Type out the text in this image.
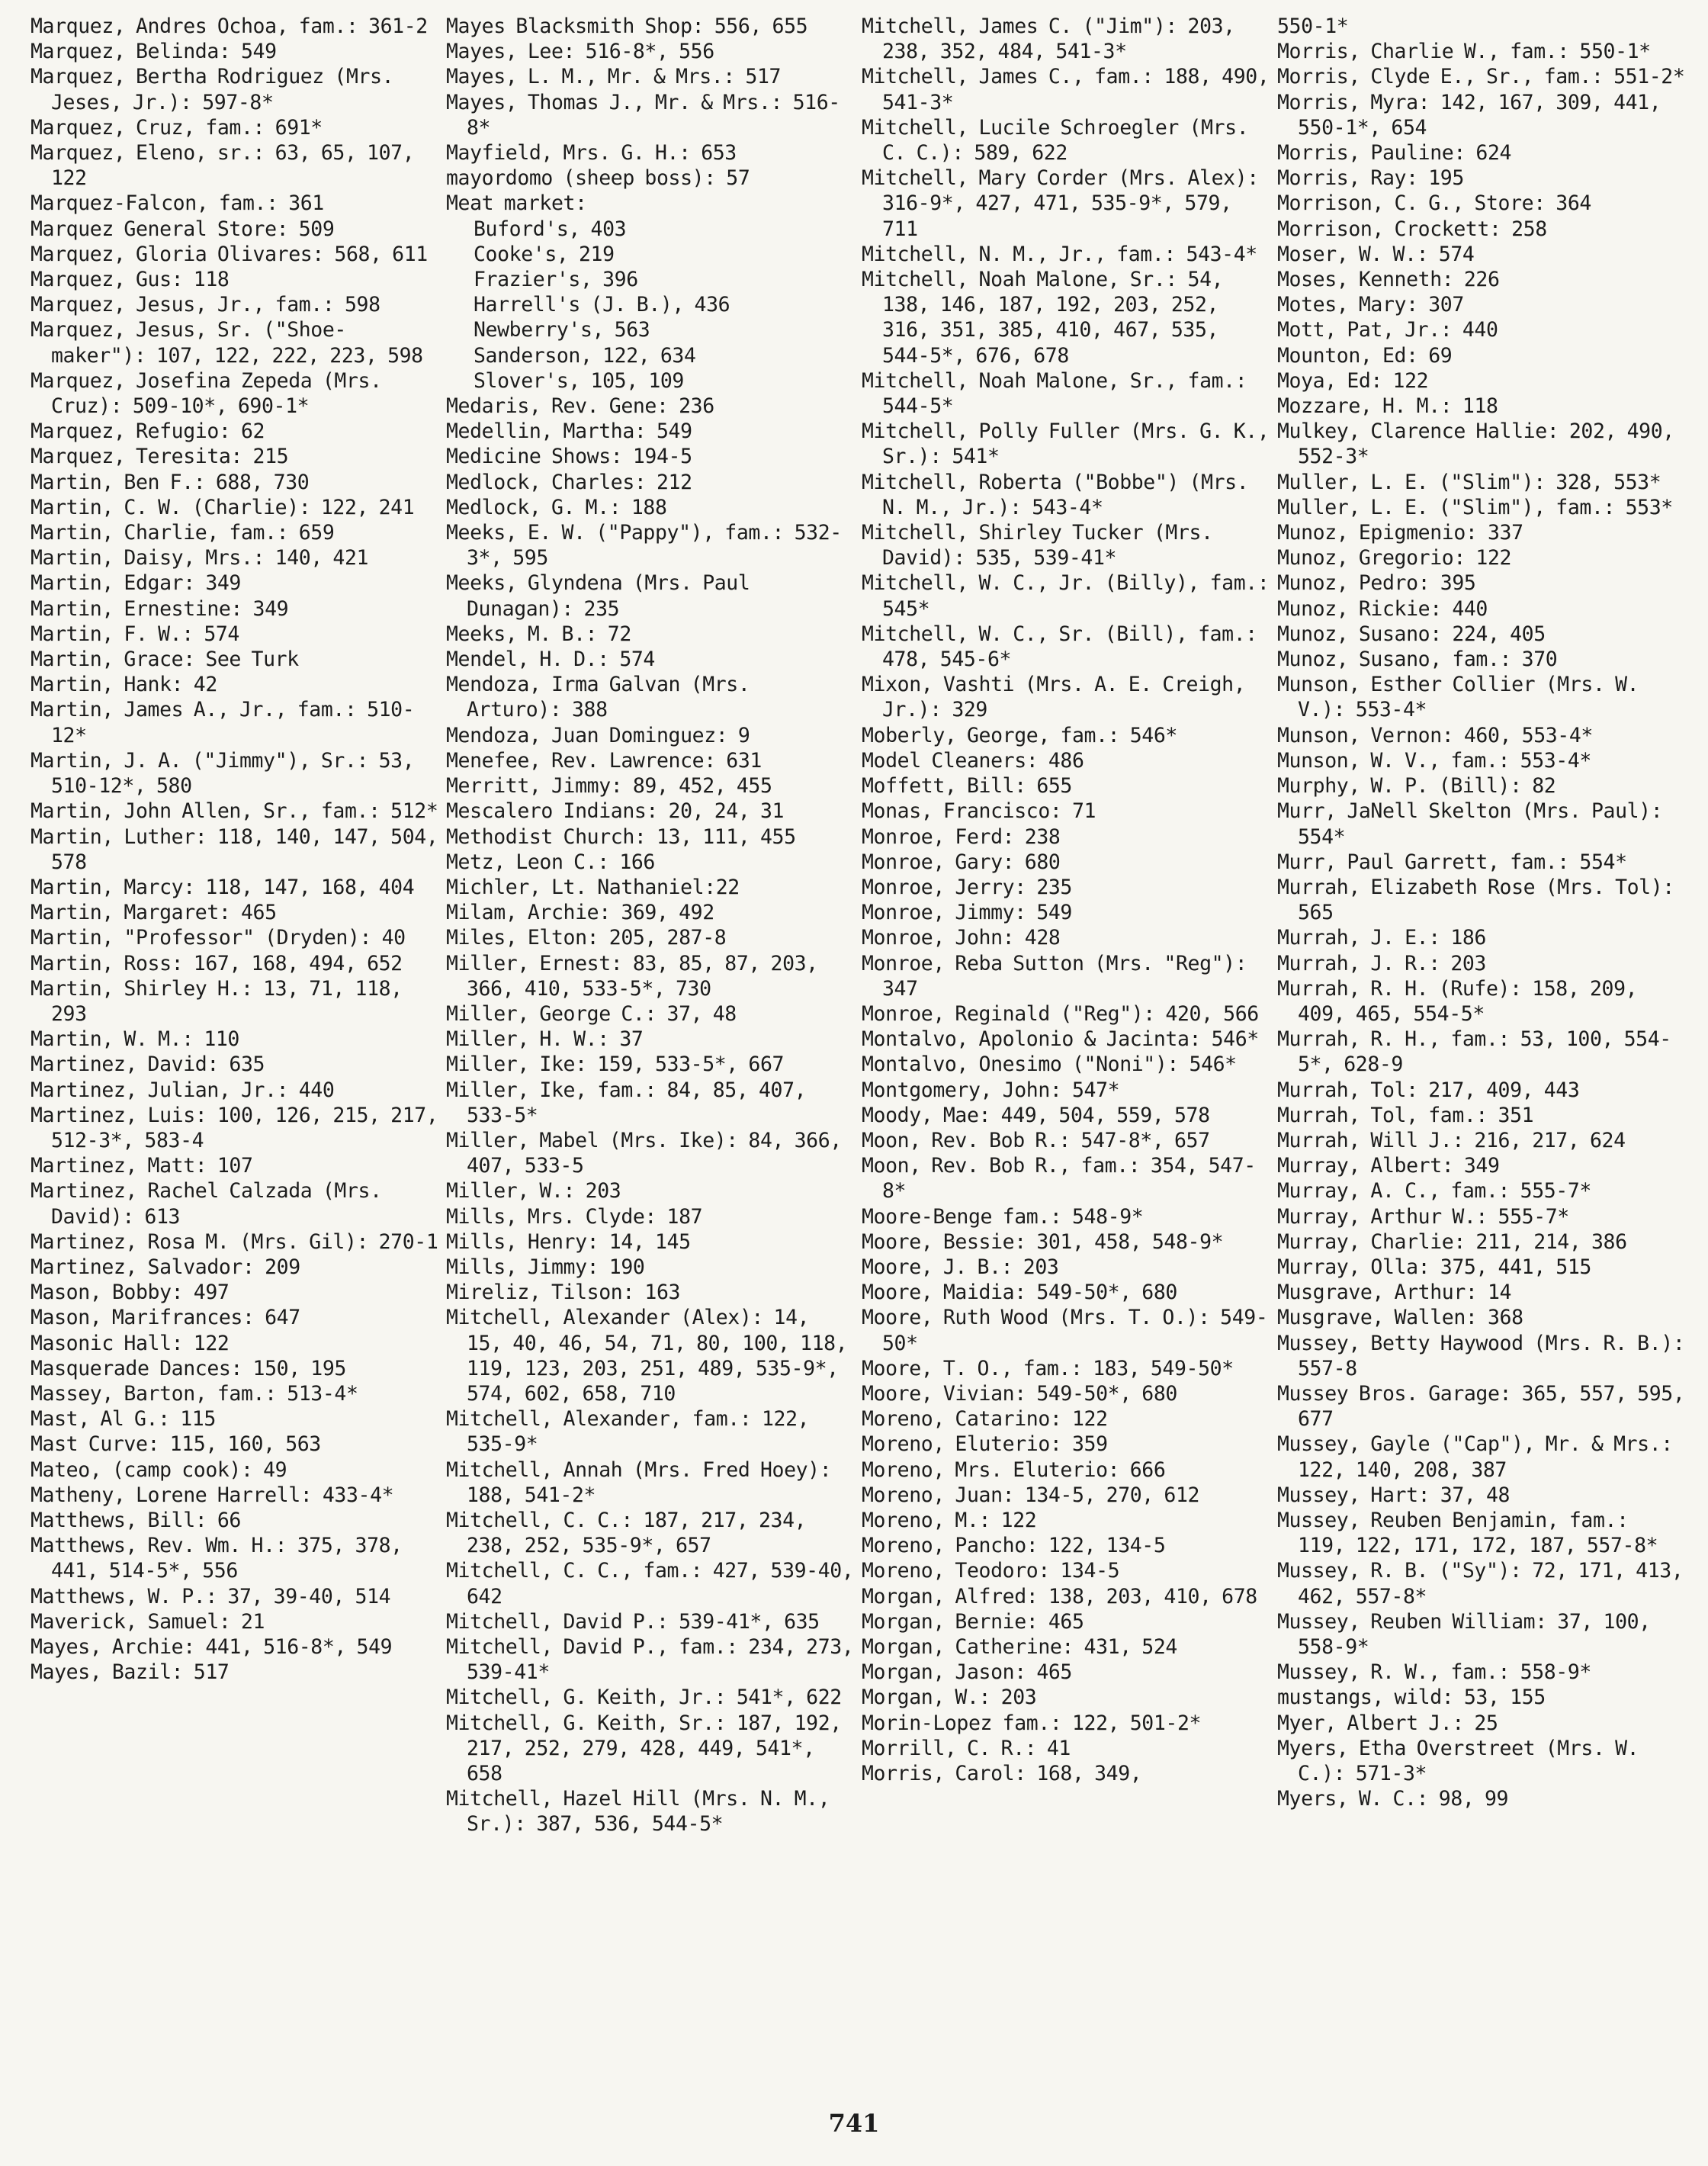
Marquez, Andres Ochoa, fam.: 361-2
Marquez, Belinda: 549
Marquez, Bertha Rodriguez (Mrs. Jeses, Jr.): 597-8*
Marquez, Cruz, fam.: 691*
Marquez, Eleno, sr.: 63, 65, 107, 122
Marquez-Falcon, fam.: 361
Marquez General Store: 509
Marquez, Gloria Olivares: 568, 611
Marquez, Gus: 118
Marquez, Jesus, Jr., fam.: 598
Marquez, Jesus, Sr. ("Shoe-maker"): 107, 122, 222, 223, 598
Marquez, Josefina Zepeda (Mrs. Cruz): 509-10*, 690-1*
Marquez, Refugio: 62
Marquez, Teresita: 215
Martin, Ben F.: 688, 730
Martin, C. W. (Charlie): 122, 241
Martin, Charlie, fam.: 659
Martin, Daisy, Mrs.: 140, 421
Martin, Edgar: 349
Martin, Ernestine: 349
Martin, F. W.: 574
Martin, Grace: See Turk
Martin, Hank: 42
Martin, James A., Jr., fam.: 510-12*
Martin, J. A. ("Jimmy"), Sr.: 53, 510-12*, 580
Martin, John Allen, Sr., fam.: 512*
Martin, Luther: 118, 140, 147, 504, 578
Martin, Marcy: 118, 147, 168, 404
Martin, Margaret: 465
Martin, "Professor" (Dryden): 40
Martin, Ross: 167, 168, 494, 652
Martin, Shirley H.: 13, 71, 118, 293
Martin, W. M.: 110
Martinez, David: 635
Martinez, Julian, Jr.: 440
Martinez, Luis: 100, 126, 215, 217, 512-3*, 583-4
Martinez, Matt: 107
Martinez, Rachel Calzada (Mrs. David): 613
Martinez, Rosa M. (Mrs. Gil): 270-1
Martinez, Salvador: 209
Mason, Bobby: 497
Mason, Marifrances: 647
Masonic Hall: 122
Masquerade Dances: 150, 195
Massey, Barton, fam.: 513-4*
Mast, Al G.: 115
Mast Curve: 115, 160, 563
Mateo, (camp cook): 49
Matheny, Lorene Harrell: 433-4*
Matthews, Bill: 66
Matthews, Rev. Wm. H.: 375, 378, 441, 514-5*, 556
Matthews, W. P.: 37, 39-40, 514
Maverick, Samuel: 21
Mayes, Archie: 441, 516-8*, 549
Mayes, Bazil: 517
Mayes Blacksmith Shop: 556, 655
Mayes, Lee: 516-8*, 556
Mayes, L. M., Mr. & Mrs.: 517
Mayes, Thomas J., Mr. & Mrs.: 516-8*
Mayfield, Mrs. G. H.: 653
mayordomo (sheep boss): 57
Meat market:
Buford's, 403
Cooke's, 219
Frazier's, 396
Harrell's (J. B.), 436
Newberry's, 563
Sanderson, 122, 634
Slover's, 105, 109
Medaris, Rev. Gene: 236
Medellin, Martha: 549
Medicine Shows: 194-5
Medlock, Charles: 212
Medlock, G. M.: 188
Meeks, E. W. ("Pappy"), fam.: 532-3*, 595
Meeks, Glyndena (Mrs. Paul Dunagan): 235
Meeks, M. B.: 72
Mendel, H. D.: 574
Mendoza, Irma Galvan (Mrs. Arturo): 388
Mendoza, Juan Dominguez: 9
Menefee, Rev. Lawrence: 631
Merritt, Jimmy: 89, 452, 455
Mescalero Indians: 20, 24, 31
Methodist Church: 13, 111, 455
Metz, Leon C.: 166
Michler, Lt. Nathaniel:22
Milam, Archie: 369, 492
Miles, Elton: 205, 287-8
Miller, Ernest: 83, 85, 87, 203, 366, 410, 533-5*, 730
Miller, George C.: 37, 48
Miller, H. W.: 37
Miller, Ike: 159, 533-5*, 667
Miller, Ike, fam.: 84, 85, 407, 533-5*
Miller, Mabel (Mrs. Ike): 84, 366, 407, 533-5
Miller, W.: 203
Mills, Mrs. Clyde: 187
Mills, Henry: 14, 145
Mills, Jimmy: 190
Mireliz, Tilson: 163
Mitchell, Alexander (Alex): 14, 15, 40, 46, 54, 71, 80, 100, 118, 119, 123, 203, 251, 489, 535-9*, 574, 602, 658, 710
Mitchell, Alexander, fam.: 122, 535-9*
Mitchell, Annah (Mrs. Fred Hoey): 188, 541-2*
Mitchell, C. C.: 187, 217, 234, 238, 252, 535-9*, 657
Mitchell, C. C., fam.: 427, 539-40, 642
Mitchell, David P.: 539-41*, 635
Mitchell, David P., fam.: 234, 273, 539-41*
Mitchell, G. Keith, Jr.: 541*, 622
Mitchell, G. Keith, Sr.: 187, 192, 217, 252, 279, 428, 449, 541*, 658
Mitchell, Hazel Hill (Mrs. N. M., Sr.): 387, 536, 544-5*
Mitchell, James C. ("Jim"): 203, 238, 352, 484, 541-3*
Mitchell, James C., fam.: 188, 490, 541-3*
Mitchell, Lucile Schroegler (Mrs. C. C.): 589, 622
Mitchell, Mary Corder (Mrs. Alex): 316-9*, 427, 471, 535-9*, 579, 711
Mitchell, N. M., Jr., fam.: 543-4*
Mitchell, Noah Malone, Sr.: 54, 138, 146, 187, 192, 203, 252, 316, 351, 385, 410, 467, 535, 544-5*, 676, 678
Mitchell, Noah Malone, Sr., fam.: 544-5*
Mitchell, Polly Fuller (Mrs. G. K., Sr.): 541*
Mitchell, Roberta ("Bobbe") (Mrs. N. M., Jr.): 543-4*
Mitchell, Shirley Tucker (Mrs. David): 535, 539-41*
Mitchell, W. C., Jr. (Billy), fam.: 545*
Mitchell, W. C., Sr. (Bill), fam.: 478, 545-6*
Mixon, Vashti (Mrs. A. E. Creigh, Jr.): 329
Moberly, George, fam.: 546*
Model Cleaners: 486
Moffett, Bill: 655
Monas, Francisco: 71
Monroe, Ferd: 238
Monroe, Gary: 680
Monroe, Jerry: 235
Monroe, Jimmy: 549
Monroe, John: 428
Monroe, Reba Sutton (Mrs. "Reg"): 347
Monroe, Reginald ("Reg"): 420, 566
Montalvo, Apolonio & Jacinta: 546*
Montalvo, Onesimo ("Noni"): 546*
Montgomery, John: 547*
Moody, Mae: 449, 504, 559, 578
Moon, Rev. Bob R.: 547-8*, 657
Moon, Rev. Bob R., fam.: 354, 547-8*
Moore-Benge fam.: 548-9*
Moore, Bessie: 301, 458, 548-9*
Moore, J. B.: 203
Moore, Maidia: 549-50*, 680
Moore, Ruth Wood (Mrs. T. O.): 549-50*
Moore, T. O., fam.: 183, 549-50*
Moore, Vivian: 549-50*, 680
Moreno, Catarino: 122
Moreno, Eluterio: 359
Moreno, Mrs. Eluterio: 666
Moreno, Juan: 134-5, 270, 612
Moreno, M.: 122
Moreno, Pancho: 122, 134-5
Moreno, Teodoro: 134-5
Morgan, Alfred: 138, 203, 410, 678
Morgan, Bernie: 465
Morgan, Catherine: 431, 524
Morgan, Jason: 465
Morgan, W.: 203
Morin-Lopez fam.: 122, 501-2*
Morrill, C. R.: 41
Morris, Carol: 168, 349,
550-1*
Morris, Charlie W., fam.: 550-1*
Morris, Clyde E., Sr., fam.: 551-2*
Morris, Myra: 142, 167, 309, 441, 550-1*, 654
Morris, Pauline: 624
Morris, Ray: 195
Morrison, C. G., Store: 364
Morrison, Crockett: 258
Moser, W. W.: 574
Moses, Kenneth: 226
Motes, Mary: 307
Mott, Pat, Jr.: 440
Mounton, Ed: 69
Moya, Ed: 122
Mozzare, H. M.: 118
Mulkey, Clarence Hallie: 202, 490, 552-3*
Muller, L. E. ("Slim"): 328, 553*
Muller, L. E. ("Slim"), fam.: 553*
Munoz, Epigmenio: 337
Munoz, Gregorio: 122
Munoz, Pedro: 395
Munoz, Rickie: 440
Munoz, Susano: 224, 405
Munoz, Susano, fam.: 370
Munson, Esther Collier (Mrs. W. V.): 553-4*
Munson, Vernon: 460, 553-4*
Munson, W. V., fam.: 553-4*
Murphy, W. P. (Bill): 82
Murr, JaNell Skelton (Mrs. Paul): 554*
Murr, Paul Garrett, fam.: 554*
Murrah, Elizabeth Rose (Mrs. Tol): 565
Murrah, J. E.: 186
Murrah, J. R.: 203
Murrah, R. H. (Rufe): 158, 209, 409, 465, 554-5*
Murrah, R. H., fam.: 53, 100, 554-5*, 628-9
Murrah, Tol: 217, 409, 443
Murrah, Tol, fam.: 351
Murrah, Will J.: 216, 217, 624
Murray, Albert: 349
Murray, A. C., fam.: 555-7*
Murray, Arthur W.: 555-7*
Murray, Charlie: 211, 214, 386
Murray, Olla: 375, 441, 515
Musgrave, Arthur: 14
Musgrave, Wallen: 368
Mussey, Betty Haywood (Mrs. R. B.): 557-8
Mussey Bros. Garage: 365, 557, 595, 677
Mussey, Gayle ("Cap"), Mr. & Mrs.: 122, 140, 208, 387
Mussey, Hart: 37, 48
Mussey, Reuben Benjamin, fam.: 119, 122, 171, 172, 187, 557-8*
Mussey, R. B. ("Sy"): 72, 171, 413, 462, 557-8*
Mussey, Reuben William: 37, 100, 558-9*
Mussey, R. W., fam.: 558-9*
mustangs, wild: 53, 155
Myer, Albert J.: 25
Myers, Etha Overstreet (Mrs. W. C.): 571-3*
Myers, W. C.: 98, 99
741
